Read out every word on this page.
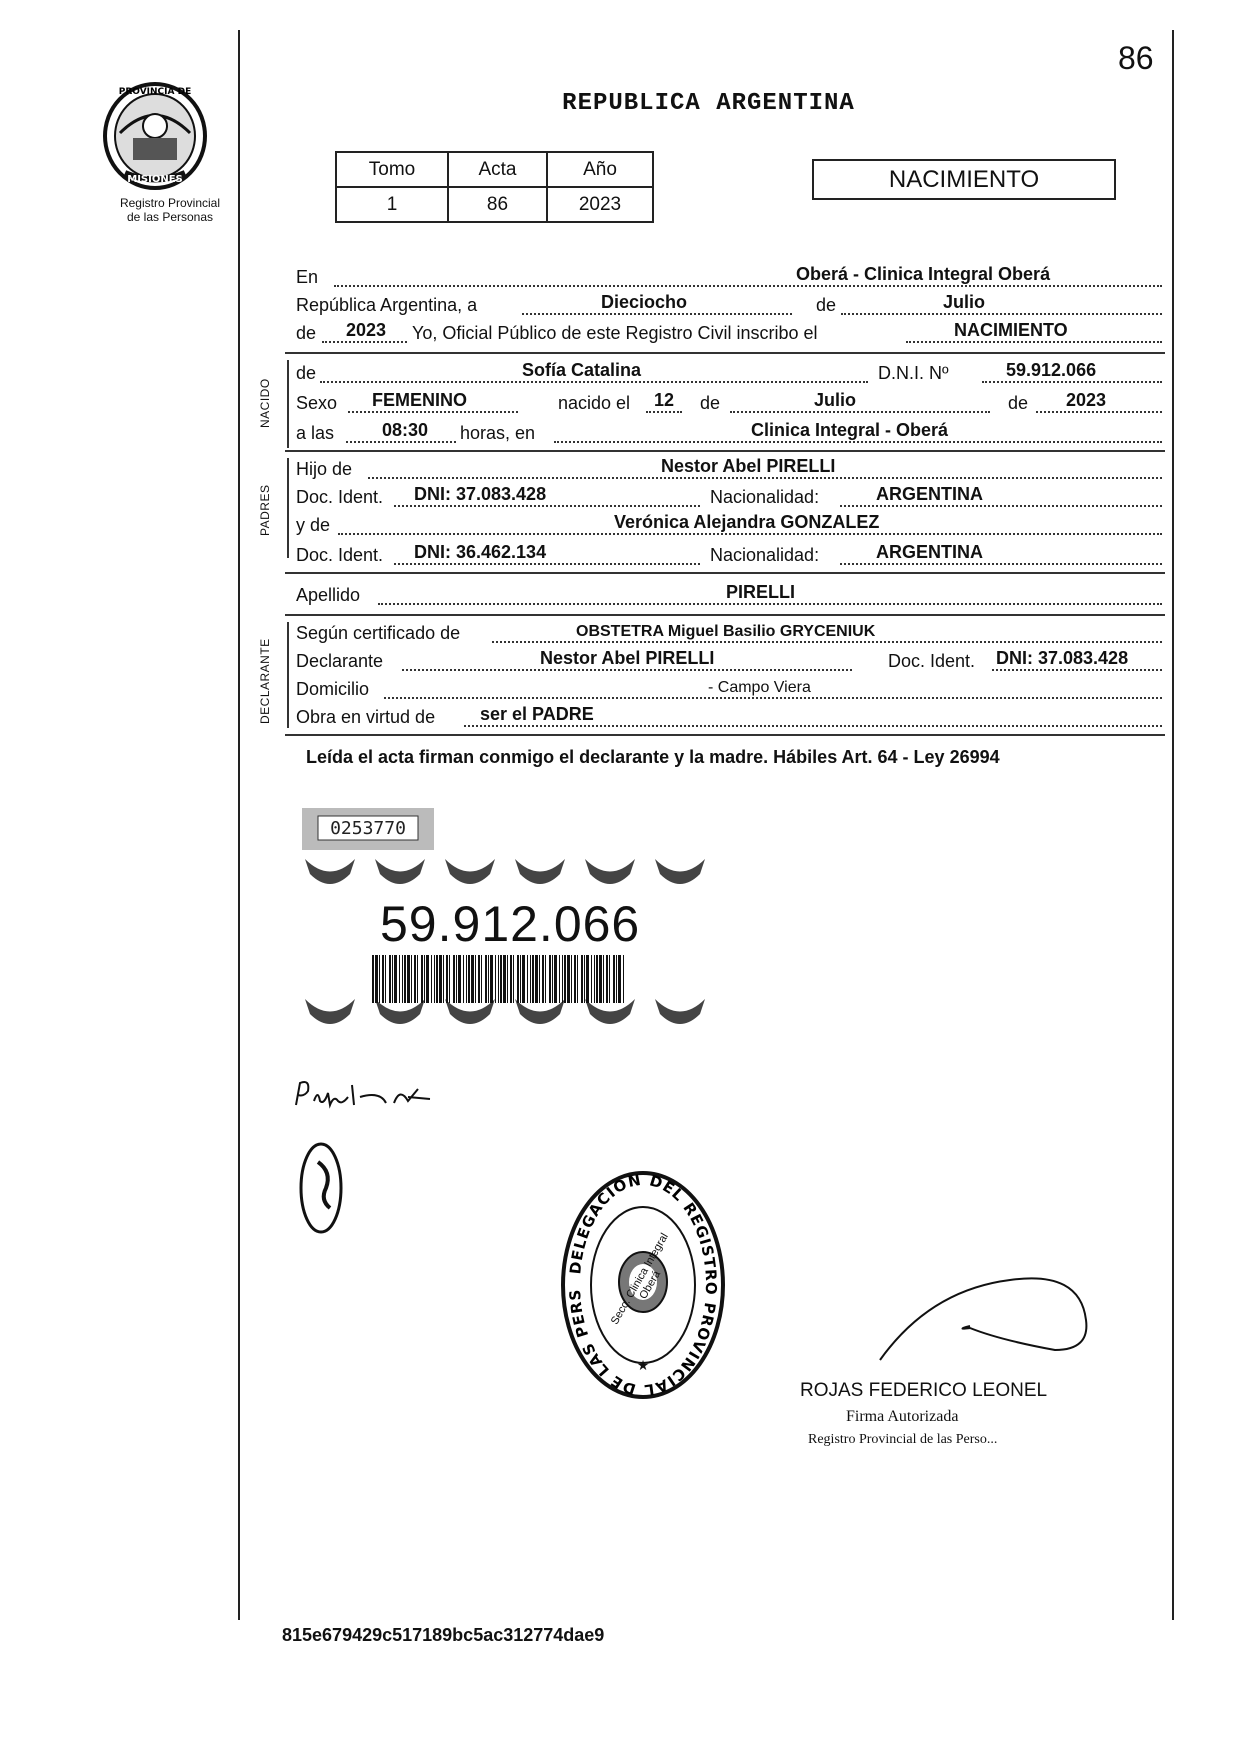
86
PROVINCIA DE
MISIONES
Registro Provincial
de las Personas
REPUBLICA ARGENTINA
Tomo	Acta	Año
1	86	2023
NACIMIENTO
En	Oberá - Clinica Integral Oberá
República Argentina, a	Dieciocho	de	Julio
de 2023 Yo, Oficial Público de este Registro Civil inscribo el	NACIMIENTO
NACIDO
de	Sofía Catalina	D.N.I. Nº	59.912.066
Sexo FEMENINO	nacido el 12 de	Julio	de 2023
a las	08:30 horas, en	Clinica Integral - Oberá
PADRES
Hijo de	Nestor Abel PIRELLI
Doc. Ident. DNI: 37.083.428	Nacionalidad:	ARGENTINA
y de	Verónica Alejandra GONZALEZ
Doc. Ident. DNI: 36.462.134	Nacionalidad:	ARGENTINA
Apellido	PIRELLI
DECLARANTE
Según certificado de	OBSTETRA Miguel Basilio GRYCENIUK
Declarante	Nestor Abel PIRELLI	Doc. Ident. DNI: 37.083.428
Domicilio	- Campo Viera
Obra en virtud de ser el PADRE
Leída el acta firman conmigo el declarante y la madre. Hábiles Art. 64 - Ley 26994
0253770
59.912.066
DELEGACION DEL REGISTRO PROVINCIAL DE LAS PERS
★
Secc. Clinica Integral Oberá
ROJAS FEDERICO LEONEL
Firma Autorizada
Registro Provincial de las Perso...
815e679429c517189bc5ac312774dae9
